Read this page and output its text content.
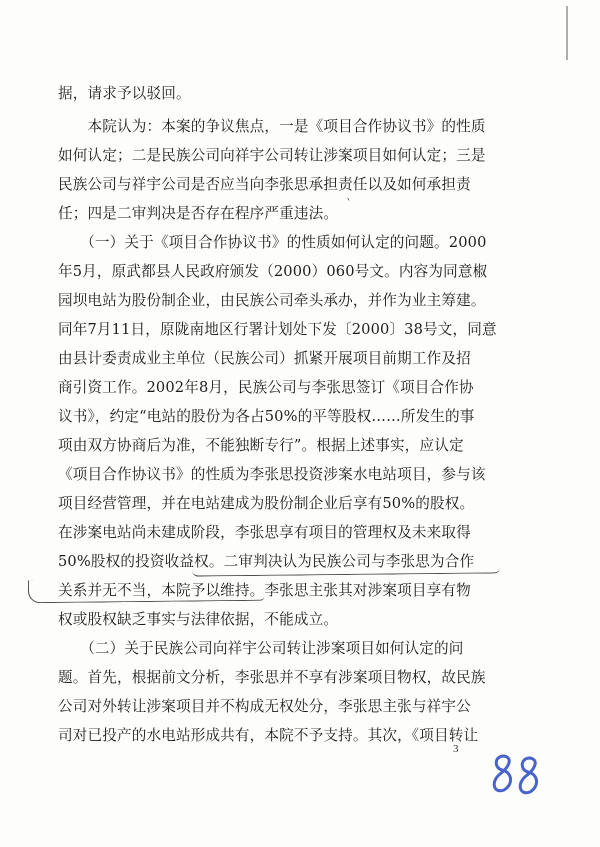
据，请求予以驳回。
　　本院认为：本案的争议焦点，一是《项目合作协议书》的性质
如何认定；二是民族公司向祥宇公司转让涉案项目如何认定；三是
民族公司与祥宇公司是否应当向李张思承担责任以及如何承担责
任；四是二审判决是否存在程序严重违法。
　　（一）关于《项目合作协议书》的性质如何认定的问题。2000
年5月，原武都县人民政府颁发（2000）060号文。内容为同意椒
园坝电站为股份制企业，由民族公司牵头承办，并作为业主筹建。
同年7月11日，原陇南地区行署计划处下发〔2000〕38号文，同意
由县计委责成业主单位（民族公司）抓紧开展项目前期工作及招
商引资工作。2002年8月，民族公司与李张思签订《项目合作协
议书》，约定“电站的股份为各占50%的平等股权……所发生的事
项由双方协商后为准，不能独断专行”。根据上述事实，应认定
《项目合作协议书》的性质为李张思投资涉案水电站项目，参与该
项目经营管理，并在电站建成为股份制企业后享有50%的股权。
在涉案电站尚未建成阶段，李张思享有项目的管理权及未来取得
50%股权的投资收益权。二审判决认为民族公司与李张思为合作
关系并无不当，本院予以维持。李张思主张其对涉案项目享有物
权或股权缺乏事实与法律依据，不能成立。
　　（二）关于民族公司向祥宇公司转让涉案项目如何认定的问
题。首先，根据前文分析，李张思并不享有涉案项目物权，故民族
公司对外转让涉案项目并不构成无权处分，李张思主张与祥宇公
司对已投产的水电站形成共有，本院不予支持。其次，《项目转让
`
3
